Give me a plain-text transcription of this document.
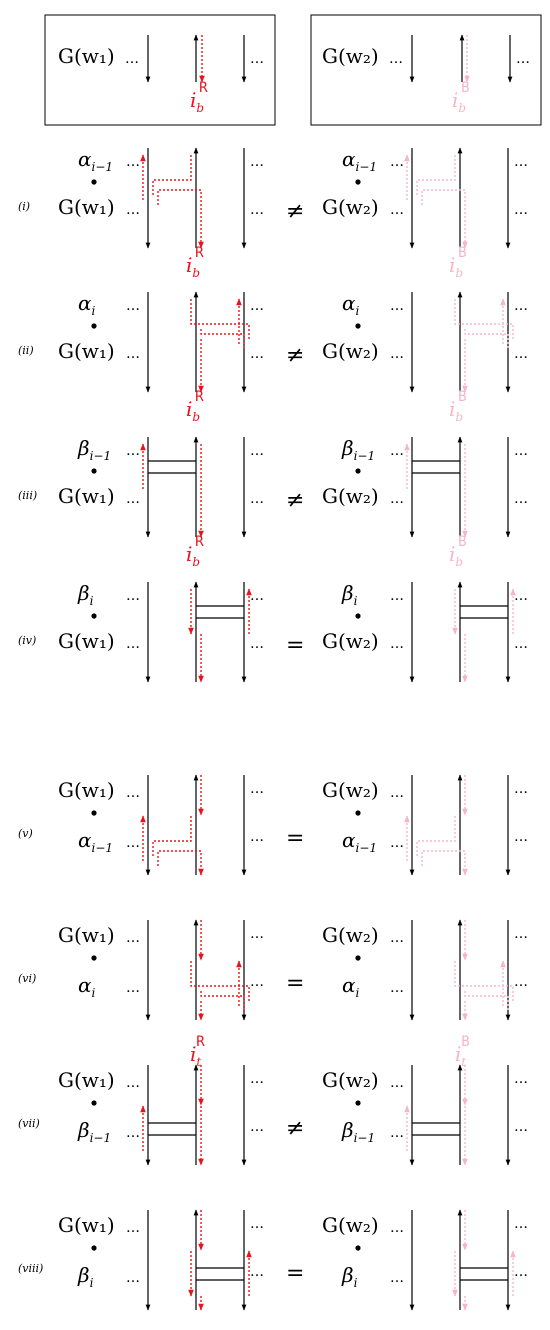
G(w₁) …	…
$i_bR$
G(w₂) …	…
$i_bB$
(i)
$\alpha_{i-1}$
G(w₁) …
…	…
…
$\alpha_{i-1}$
G(w₂) …
…	…
…
≠
$i_bR$	$i_bB$
(ii)
$\alpha_i$
G(w₁) …
…	…
…
$\alpha_i$
G(w₂) …
…	…
…
≠
$i_bR$	$i_bB$
(iii)
$\beta_{i-1}$
G(w₁) …
…	…
…
$\beta_{i-1}$
G(w₂) …
…	…
…
≠
$i_bR$	$i_bB$
(iv)
$\beta_i$
G(w₁) …
…	…
…
$\beta_i$
G(w₂) …
…	…
…
=
(v)
G(w₁)
$\alpha_{i-1}$
…
…
…
…
G(w₂)
$\alpha_{i-1}$
…
…
…
…
=
(vi)
G(w₁)
$\alpha_i$
…
…
…
…
G(w₂)
$\alpha_i$
…
…
…
…
=
(vii)
G(w₁)
$\beta_{i-1}$
…
…
…
…
G(w₂)
$\beta_{i-1}$
…
…
…
…
≠
$i_tR$	$i_tB$
(viii)
G(w₁)
$\beta_i$
…
…
…
…
G(w₂)
$\beta_i$
…
…
…
…
=
